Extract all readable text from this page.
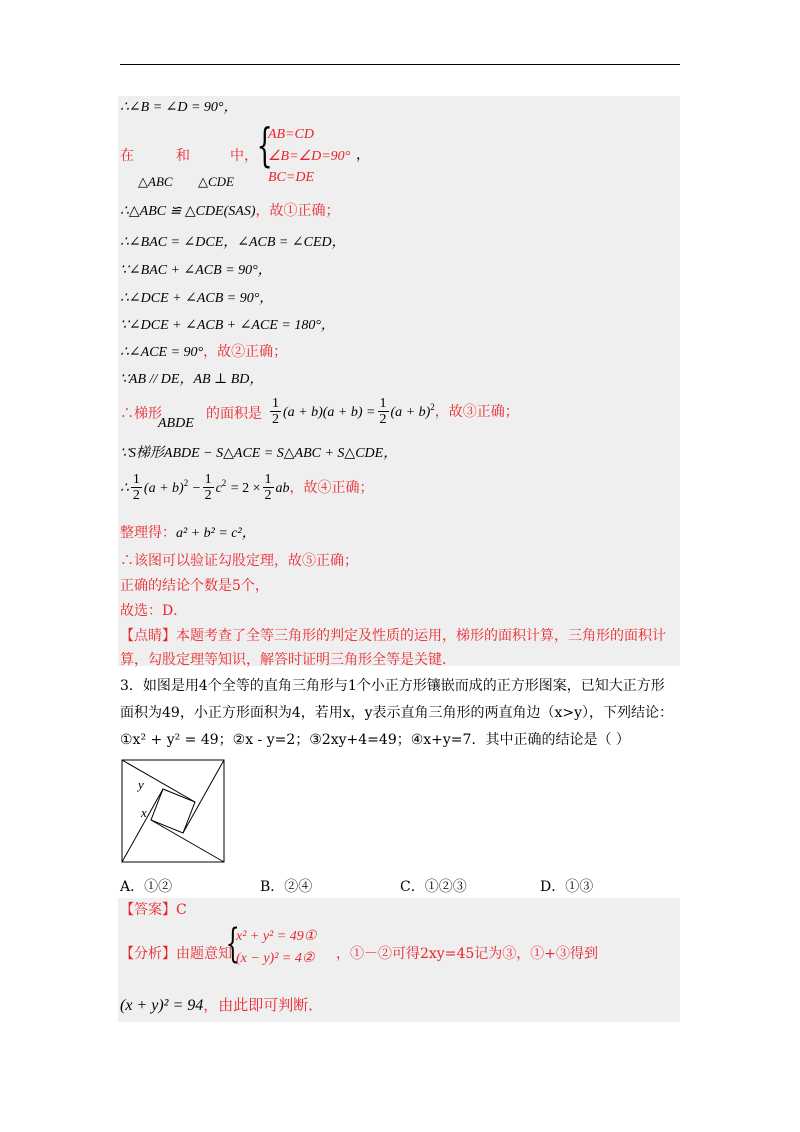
∴∠B = ∠D = 90°，
在	和	中，
△ABC △CDE
{
AB=CD
∠B=∠D=90°
BC=DE
，
∴△ABC ≌ △CDE(SAS)，故①正确；
∴∠BAC = ∠DCE，∠ACB = ∠CED，
∵∠BAC + ∠ACB = 90°，
∴∠DCE + ∠ACB = 90°，
∵∠DCE + ∠ACB + ∠ACE = 180°，
∴∠ACE = 90°，故②正确；
∵AB // DE，AB ⊥ BD，
∴梯形
ABDE
的面积是 $\frac{1}{2} (a + b)(a + b) = \frac{1}{2} (a + b)^2$，故③正确；
∵S梯形ABDE − S△ACE = S△ABC + S△CDE，
∴ $\frac{1}{2} (a + b)^2 - \frac{1}{2} c^2 = 2 \times \frac{1}{2}$ ab，故④正确；
整理得：a² + b² = c²，
∴该图可以验证勾股定理，故⑤正确；
正确的结论个数是5个，
故选：D．
【点睛】本题考查了全等三角形的判定及性质的运用，梯形的面积计算，三角形的面积计
算，勾股定理等知识，解答时证明三角形全等是关键．
3．如图是用4个全等的直角三角形与1个小正方形镶嵌而成的正方形图案，已知大正方形
面积为49，小正方形面积为4，若用x，y表示直角三角形的两直角边（x>y），下列结论：
①x² + y² = 49；②x - y=2；③2xy+4=49；④x+y=7．其中正确的结论是（ ）
y
x
A．①②	B．②④	C．①②③	D．①③
【答案】C
【分析】由题意知
{
x² + y² = 49①
(x − y)² = 4② ，①－②可得2xy=45记为③，①+③得到
(x + y)² = 94，由此即可判断．
